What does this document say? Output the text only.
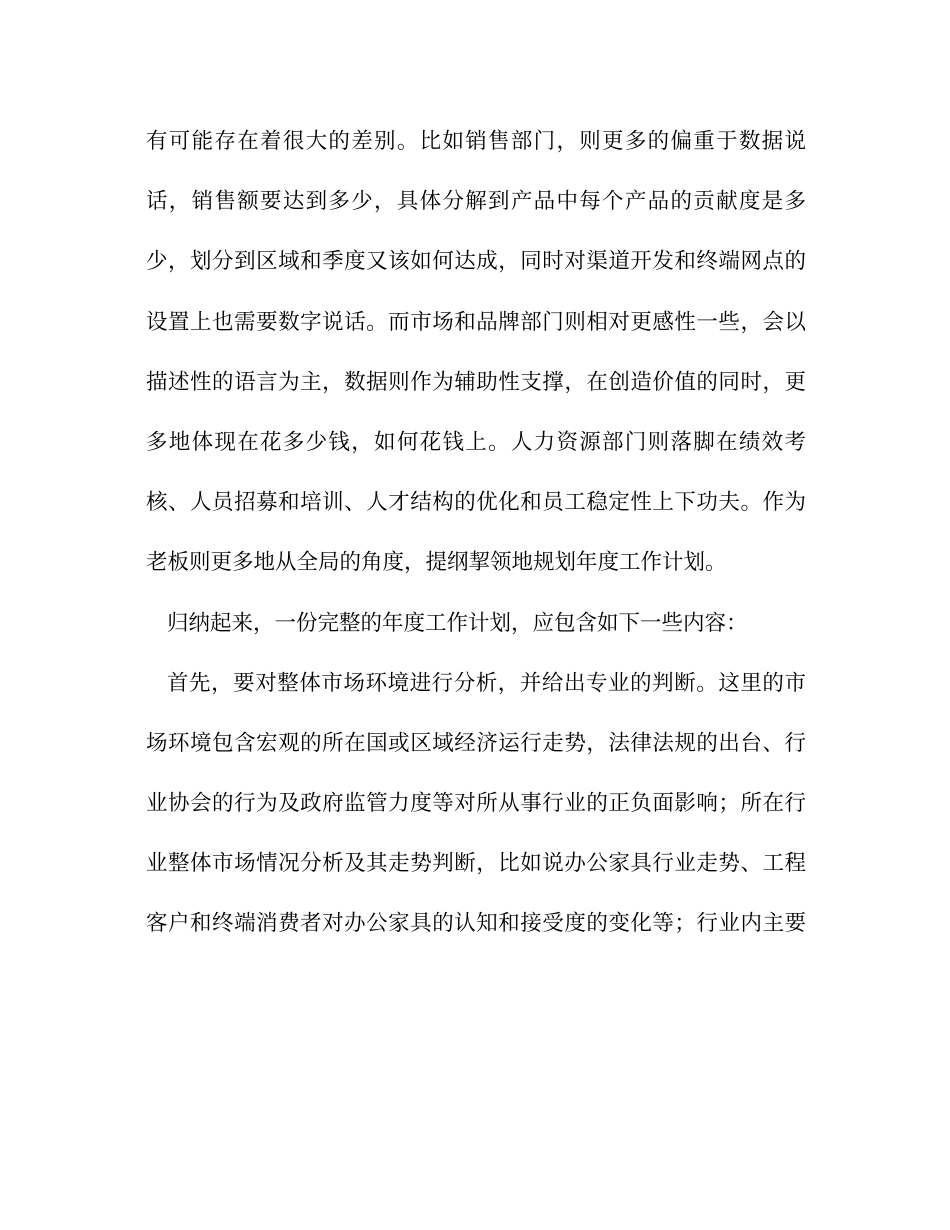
有可能存在着很大的差别。比如销售部门，则更多的偏重于数据说
话，销售额要达到多少，具体分解到产品中每个产品的贡献度是多
少，划分到区域和季度又该如何达成，同时对渠道开发和终端网点的
设置上也需要数字说话。而市场和品牌部门则相对更感性一些，会以
描述性的语言为主，数据则作为辅助性支撑，在创造价值的同时，更
多地体现在花多少钱，如何花钱上。人力资源部门则落脚在绩效考
核、人员招募和培训、人才结构的优化和员工稳定性上下功夫。作为
老板则更多地从全局的角度，提纲挈领地规划年度工作计划。
归纳起来，一份完整的年度工作计划，应包含如下一些内容：
首先，要对整体市场环境进行分析，并给出专业的判断。这里的市
场环境包含宏观的所在国或区域经济运行走势，法律法规的出台、行
业协会的行为及政府监管力度等对所从事行业的正负面影响；所在行
业整体市场情况分析及其走势判断，比如说办公家具行业走势、工程
客户和终端消费者对办公家具的认知和接受度的变化等；行业内主要
